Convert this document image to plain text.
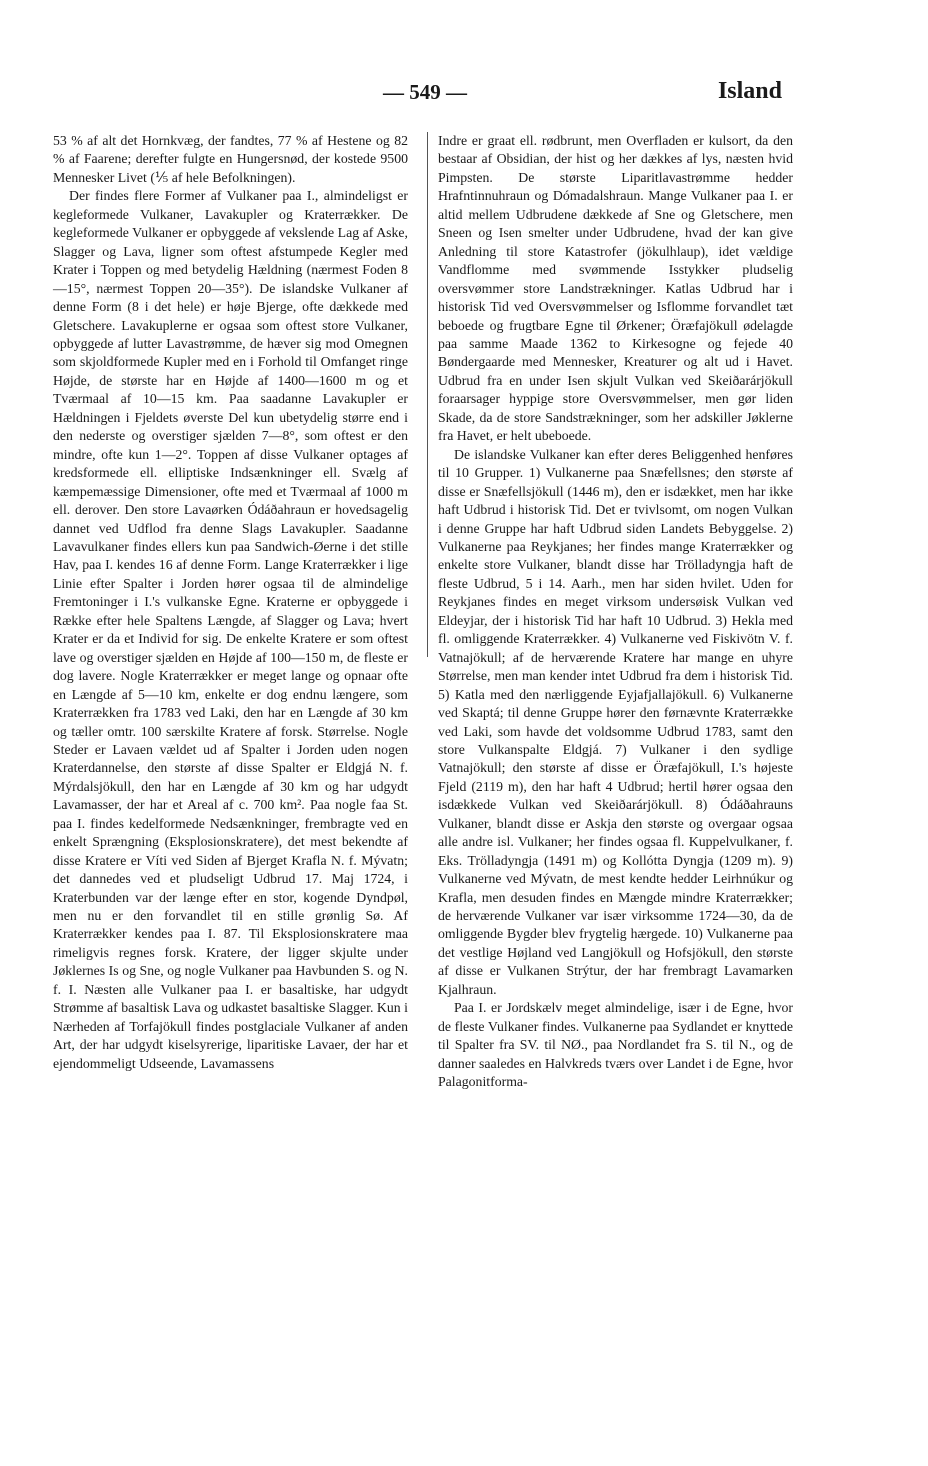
— 549 —	Island

53 % af alt det Hornkvæg, der fandtes, 77 % af Hestene og 82 % af Faarene; derefter fulgte en Hungersnød, der kostede 9500 Mennesker Livet (⅕ af hele Befolkningen).

Der findes flere Former af Vulkaner paa I., almindeligst er kegleformede Vulkaner, Lavakupler og Kraterrækker. De kegleformede Vulkaner er opbyggede af vekslende Lag af Aske, Slagger og Lava, ligner som oftest afstumpede Kegler med Krater i Toppen og med betydelig Hældning (nærmest Foden 8—15°, nærmest Toppen 20—35°). De islandske Vulkaner af denne Form (8 i det hele) er høje Bjerge, ofte dækkede med Gletschere. Lavakuplerne er ogsaa som oftest store Vulkaner, opbyggede af lutter Lavastrømme, de hæver sig mod Omegnen som skjoldformede Kupler med en i Forhold til Omfanget ringe Højde, de største har en Højde af 1400—1600 m og et Tværmaal af 10—15 km. Paa saadanne Lavakupler er Hældningen i Fjeldets øverste Del kun ubetydelig større end i den nederste og overstiger sjælden 7—8°, som oftest er den mindre, ofte kun 1—2°. Toppen af disse Vulkaner optages af kredsformede ell. elliptiske Indsænkninger ell. Svælg af kæmpemæssige Dimensioner, ofte med et Tværmaal af 1000 m ell. derover. Den store Lavaørken Ódáðahraun er hovedsagelig dannet ved Udflod fra denne Slags Lavakupler. Saadanne Lavavulkaner findes ellers kun paa Sandwich-Øerne i det stille Hav, paa I. kendes 16 af denne Form. Lange Kraterrækker i lige Linie efter Spalter i Jorden hører ogsaa til de almindelige Fremtoninger i I.'s vulkanske Egne. Kraterne er opbyggede i Række efter hele Spaltens Længde, af Slagger og Lava; hvert Krater er da et Individ for sig. De enkelte Kratere er som oftest lave og overstiger sjælden en Højde af 100—150 m, de fleste er dog lavere. Nogle Kraterrækker er meget lange og opnaar ofte en Længde af 5—10 km, enkelte er dog endnu længere, som Kraterrækken fra 1783 ved Laki, den har en Længde af 30 km og tæller omtr. 100 særskilte Kratere af forsk. Størrelse. Nogle Steder er Lavaen vældet ud af Spalter i Jorden uden nogen Kraterdannelse, den største af disse Spalter er Eldgjá N. f. Mýrdalsjökull, den har en Længde af 30 km og har udgydt Lavamasser, der har et Areal af c. 700 km². Paa nogle faa St. paa I. findes kedelformede Nedsænkninger, frembragte ved en enkelt Sprængning (Eksplosionskratere), det mest bekendte af disse Kratere er Víti ved Siden af Bjerget Krafla N. f. Mývatn; det dannedes ved et pludseligt Udbrud 17. Maj 1724, i Kraterbunden var der længe efter en stor, kogende Dyndpøl, men nu er den forvandlet til en stille grønlig Sø. Af Kraterrækker kendes paa I. 87. Til Eksplosionskratere maa rimeligvis regnes forsk. Kratere, der ligger skjulte under Jøklernes Is og Sne, og nogle Vulkaner paa Havbunden S. og N. f. I. Næsten alle Vulkaner paa I. er basaltiske, har udgydt Strømme af basaltisk Lava og udkastet basaltiske Slagger. Kun i Nærheden af Torfajökull findes postglaciale Vulkaner af anden Art, der har udgydt kiselsyrerige, liparitiske Lavaer, der har et ejendommeligt Udseende, Lavamassens

Indre er graat ell. rødbrunt, men Overfladen er kulsort, da den bestaar af Obsidian, der hist og her dækkes af lys, næsten hvid Pimpsten. De største Liparitlavastrømme hedder Hrafntinnuhraun og Dómadalshraun. Mange Vulkaner paa I. er altid mellem Udbrudene dækkede af Sne og Gletschere, men Sneen og Isen smelter under Udbrudene, hvad der kan give Anledning til store Katastrofer (jökulhlaup), idet vældige Vandflomme med svømmende Isstykker pludselig oversvømmer store Landstrækninger. Katlas Udbrud har i historisk Tid ved Oversvømmelser og Isflomme forvandlet tæt beboede og frugtbare Egne til Ørkener; Öræfajökull ødelagde paa samme Maade 1362 to Kirkesogne og fejede 40 Bøndergaarde med Mennesker, Kreaturer og alt ud i Havet. Udbrud fra en under Isen skjult Vulkan ved Skeiðarárjökull foraarsager hyppige store Oversvømmelser, men gør liden Skade, da de store Sandstrækninger, som her adskiller Jøklerne fra Havet, er helt ubeboede.

De islandske Vulkaner kan efter deres Beliggenhed henføres til 10 Grupper. 1) Vulkanerne paa Snæfellsnes; den største af disse er Snæfellsjökull (1446 m), den er isdækket, men har ikke haft Udbrud i historisk Tid. Det er tvivlsomt, om nogen Vulkan i denne Gruppe har haft Udbrud siden Landets Bebyggelse. 2) Vulkanerne paa Reykjanes; her findes mange Kraterrækker og enkelte store Vulkaner, blandt disse har Trölladyngja haft de fleste Udbrud, 5 i 14. Aarh., men har siden hvilet. Uden for Reykjanes findes en meget virksom undersøisk Vulkan ved Eldeyjar, der i historisk Tid har haft 10 Udbrud. 3) Hekla med fl. omliggende Kraterrækker. 4) Vulkanerne ved Fiskivötn V. f. Vatnajökull; af de herværende Kratere har mange en uhyre Størrelse, men man kender intet Udbrud fra dem i historisk Tid. 5) Katla med den nærliggende Eyjafjallajökull. 6) Vulkanerne ved Skaptá; til denne Gruppe hører den førnævnte Kraterrække ved Laki, som havde det voldsomme Udbrud 1783, samt den store Vulkanspalte Eldgjá. 7) Vulkaner i den sydlige Vatnajökull; den største af disse er Öræfajökull, I.'s højeste Fjeld (2119 m), den har haft 4 Udbrud; hertil hører ogsaa den isdækkede Vulkan ved Skeiðarárjökull. 8) Ódáðahrauns Vulkaner, blandt disse er Askja den største og overgaar ogsaa alle andre isl. Vulkaner; her findes ogsaa fl. Kuppelvulkaner, f. Eks. Trölladyngja (1491 m) og Kollótta Dyngja (1209 m). 9) Vulkanerne ved Mývatn, de mest kendte hedder Leirhnúkur og Krafla, men desuden findes en Mængde mindre Kraterrækker; de herværende Vulkaner var især virksomme 1724—30, da de omliggende Bygder blev frygtelig hærgede. 10) Vulkanerne paa det vestlige Højland ved Langjökull og Hofsjökull, den største af disse er Vulkanen Strýtur, der har frembragt Lavamarken Kjalhraun.

Paa I. er Jordskælv meget almindelige, især i de Egne, hvor de fleste Vulkaner findes. Vulkanerne paa Sydlandet er knyttede til Spalter fra SV. til NØ., paa Nordlandet fra S. til N., og de danner saaledes en Halvkreds tværs over Landet i de Egne, hvor Palagonitforma-
